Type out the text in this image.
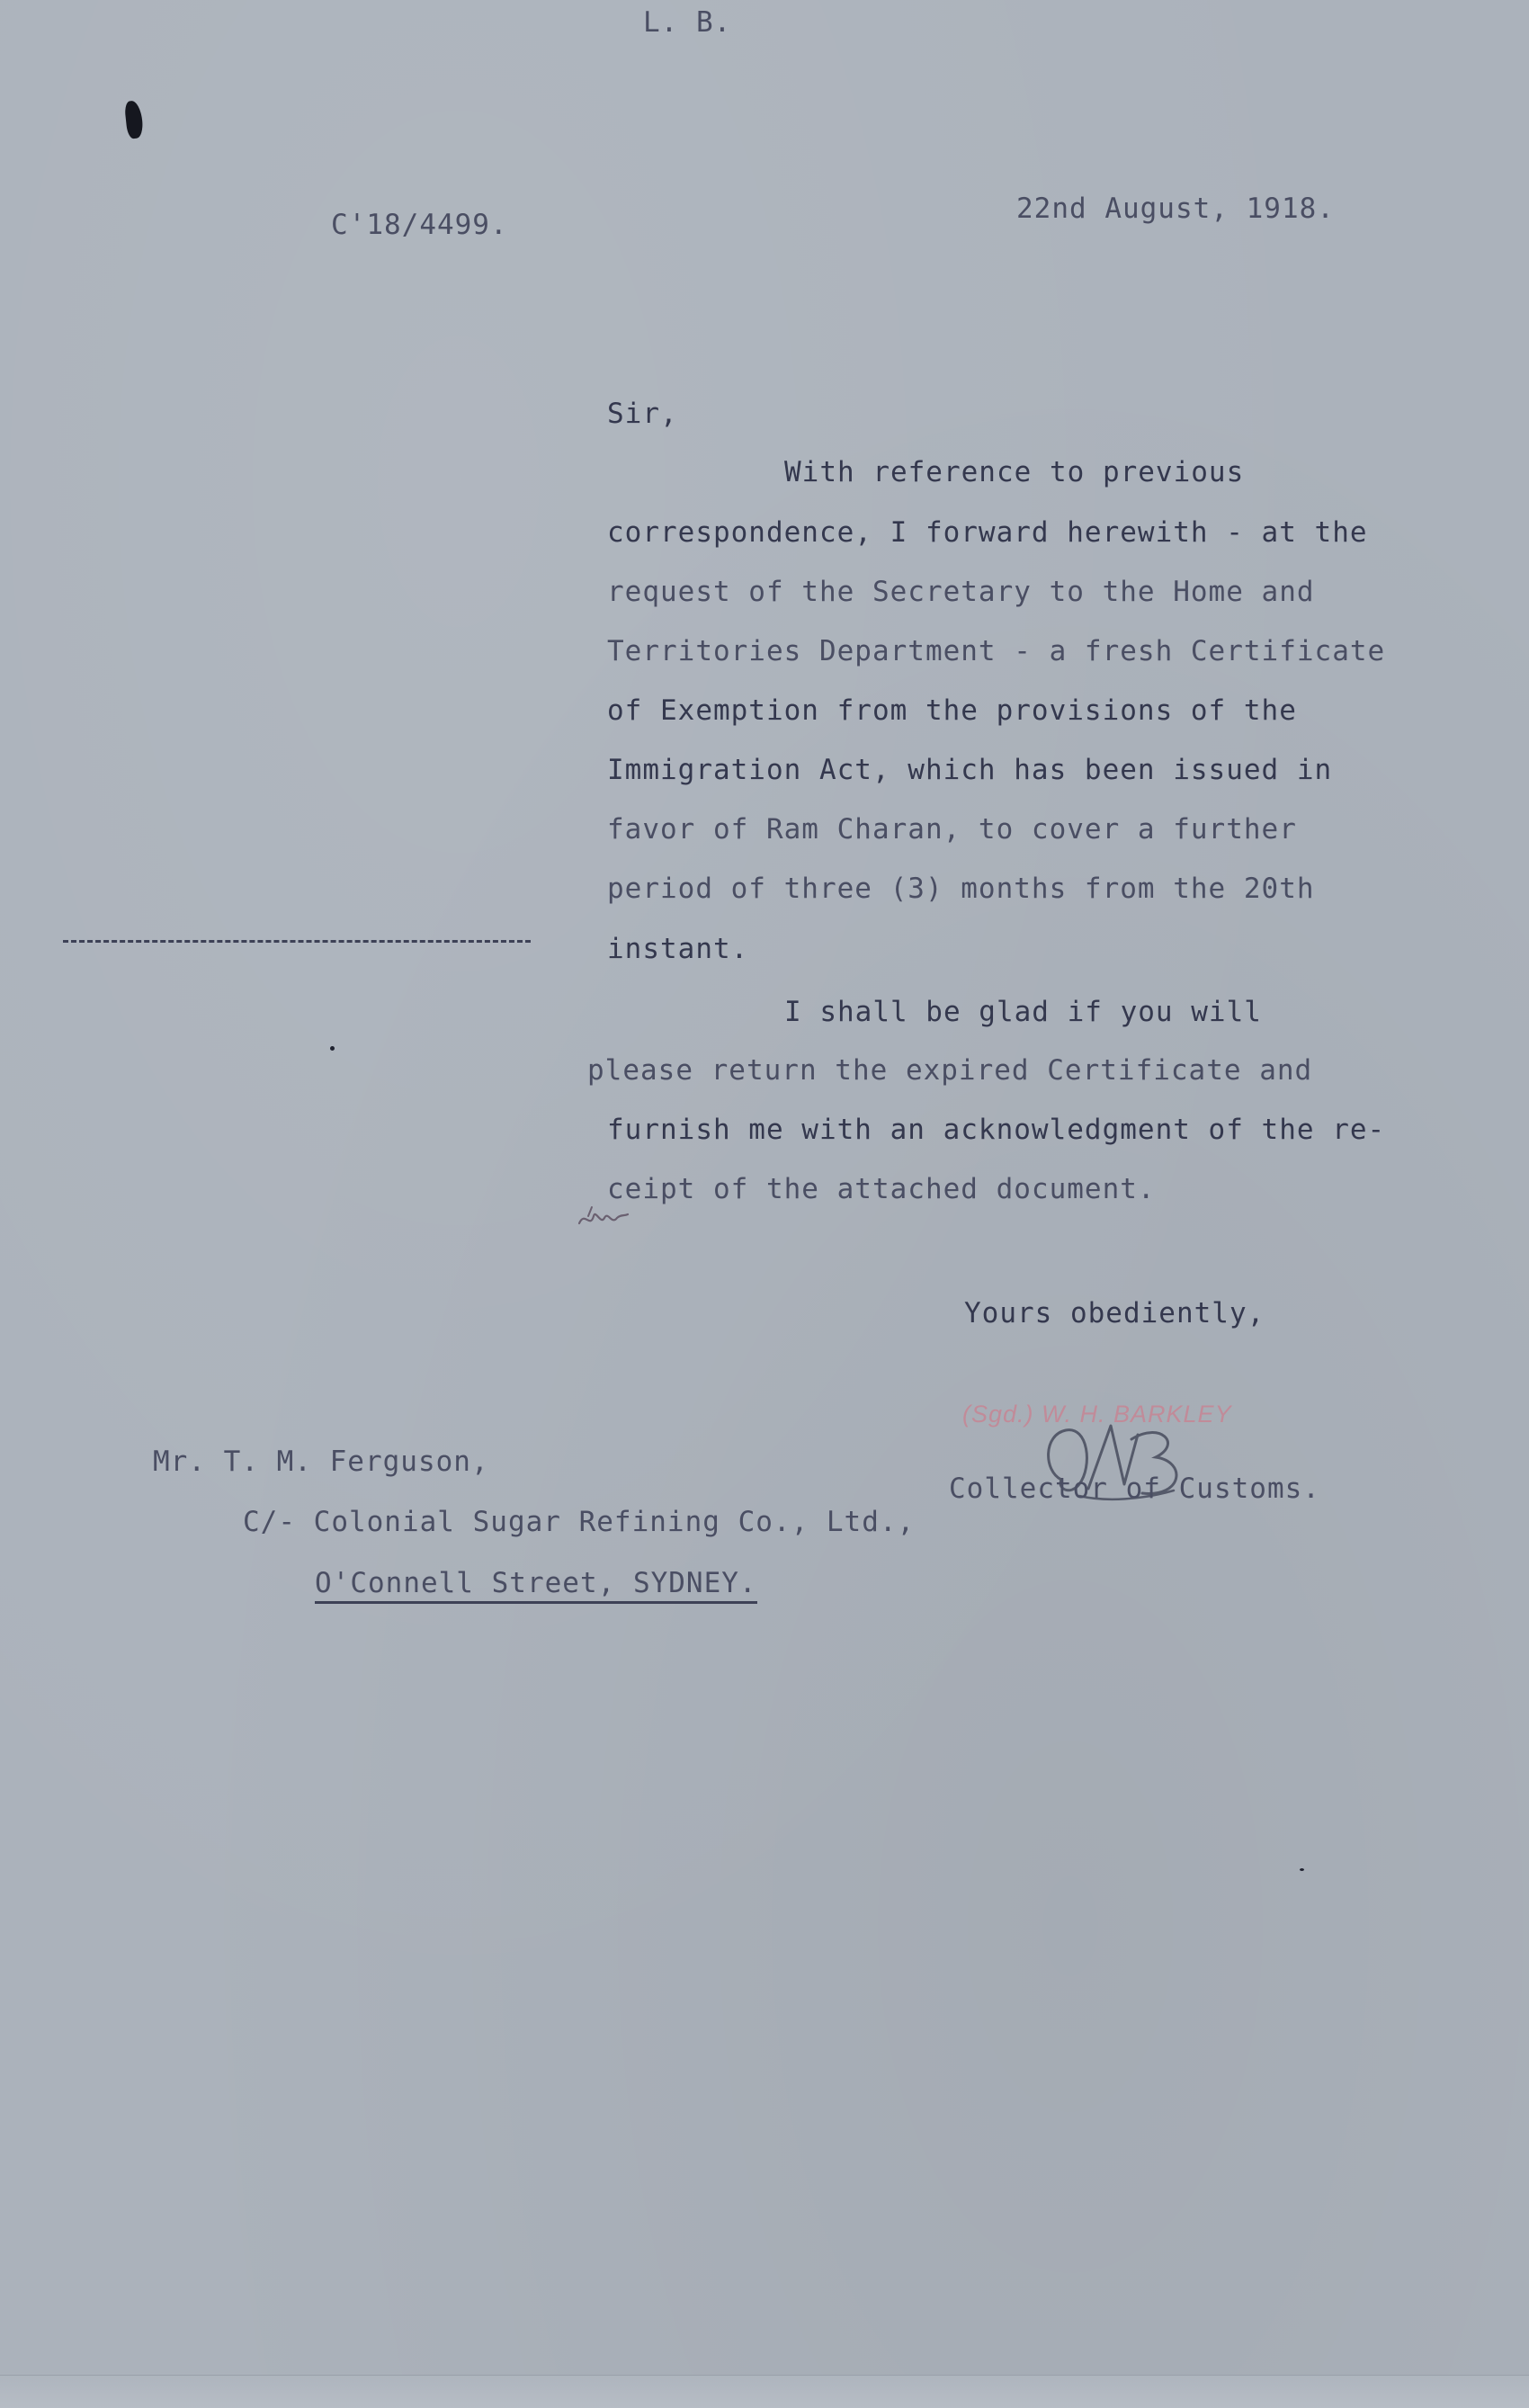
L. B.
C'18/4499.	22nd August, 1918.
Sir,
With reference to previous
correspondence, I forward herewith - at the
request of the Secretary to the Home and
Territories Department - a fresh Certificate
of Exemption from the provisions of the
Immigration Act, which has been issued in
favor of Ram Charan, to cover a further
period of three (3) months from the 20th
instant.
I shall be glad if you will
please return the expired Certificate and
furnish me with an acknowledgment of the re-
ceipt of the attached document.
Yours obediently,
(Sgd.) W. H. BARKLEY
Collector of Customs.
Mr. T. M. Ferguson,
C/- Colonial Sugar Refining Co., Ltd.,
O'Connell Street, SYDNEY.
